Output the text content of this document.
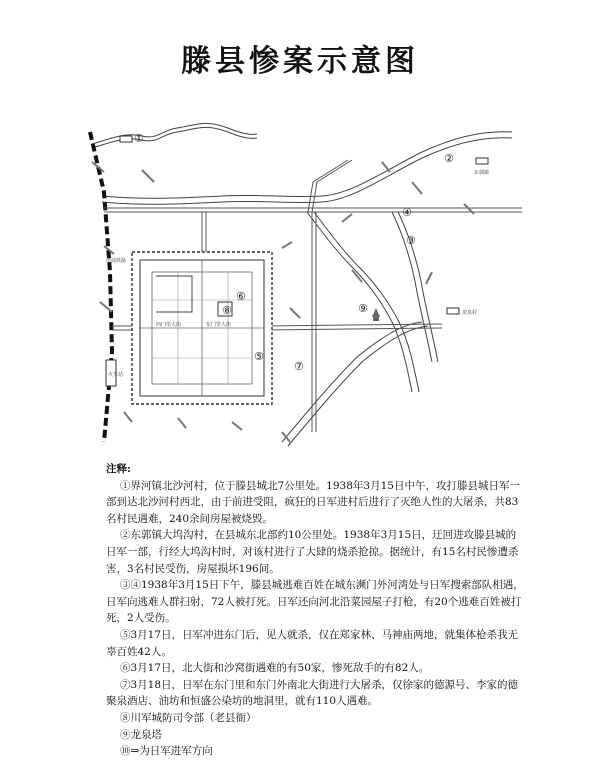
滕县惨案示意图
①
②
③
④
⑤
⑥
⑦
⑧	⑨
东郭镇
龙泉村
津浦铁路
火车站
西门里大街	东门里大街
注释:

①界河镇北沙河村，位于滕县城北7公里处。1938年3月15日中午，攻打滕县城日军一部到达北沙河村西北，由于前进受阻，疯狂的日军进村后进行了灭绝人性的大屠杀，共83名村民遇难，240余间房屋被烧毁。

②东郭镇大坞沟村，在县城东北部约10公里处。1938年3月15日，迂回进攻滕县城的日军一部，行经大坞沟村时，对该村进行了大肆的烧杀抢掠。据统计，有15名村民惨遭杀害，3名村民受伤，房屋损坏196间。

③④1938年3月15日下午，滕县城逃难百姓在城东濒门外河湾处与日军搜索部队相遇，日军向逃难人群扫射，72人被打死。日军还向河北沿菜园屋子打枪，有20个逃难百姓被打死，2人受伤。

⑤3月17日，日军冲进东门后，见人就杀，仅在郑家林、马神庙两地，就集体枪杀我无辜百姓42人。

⑥3月17日，北大街和沙窝街遇难的有50家，惨死敌手的有82人。

⑦3月18日，日军在东门里和东门外南北大街进行大屠杀，仅徐家的德源号、李家的德聚泉酒店、油坊和恒盛公染坊的地洞里，就有110人遇难。

⑧川军城防司令部（老县衙）

⑨龙泉塔

⑩⇒为日军进军方向
